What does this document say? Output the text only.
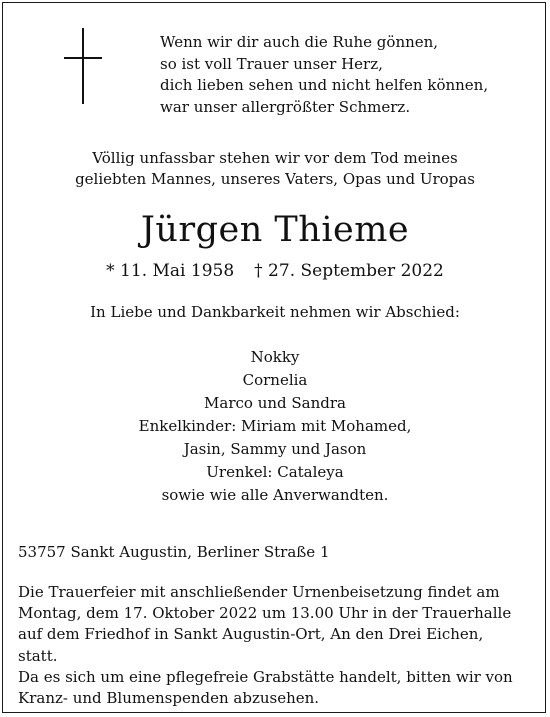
Wenn wir dir auch die Ruhe gönnen,
so ist voll Trauer unser Herz,
dich lieben sehen und nicht helfen können,
war unser allergrößter Schmerz.
Völlig unfassbar stehen wir vor dem Tod meines
geliebten Mannes, unseres Vaters, Opas und Uropas
Jürgen Thieme
* 11. Mai 1958 † 27. September 2022
In Liebe und Dankbarkeit nehmen wir Abschied:
Nokky
Cornelia
Marco und Sandra
Enkelkinder: Miriam mit Mohamed,
Jasin, Sammy und Jason
Urenkel: Cataleya
sowie wie alle Anverwandten.
53757 Sankt Augustin, Berliner Straße 1
Die Trauerfeier mit anschließender Urnenbeisetzung findet am
Montag, dem 17. Oktober 2022 um 13.00 Uhr in der Trauerhalle
auf dem Friedhof in Sankt Augustin-Ort, An den Drei Eichen,
statt.
Da es sich um eine pflegefreie Grabstätte handelt, bitten wir von
Kranz- und Blumenspenden abzusehen.
